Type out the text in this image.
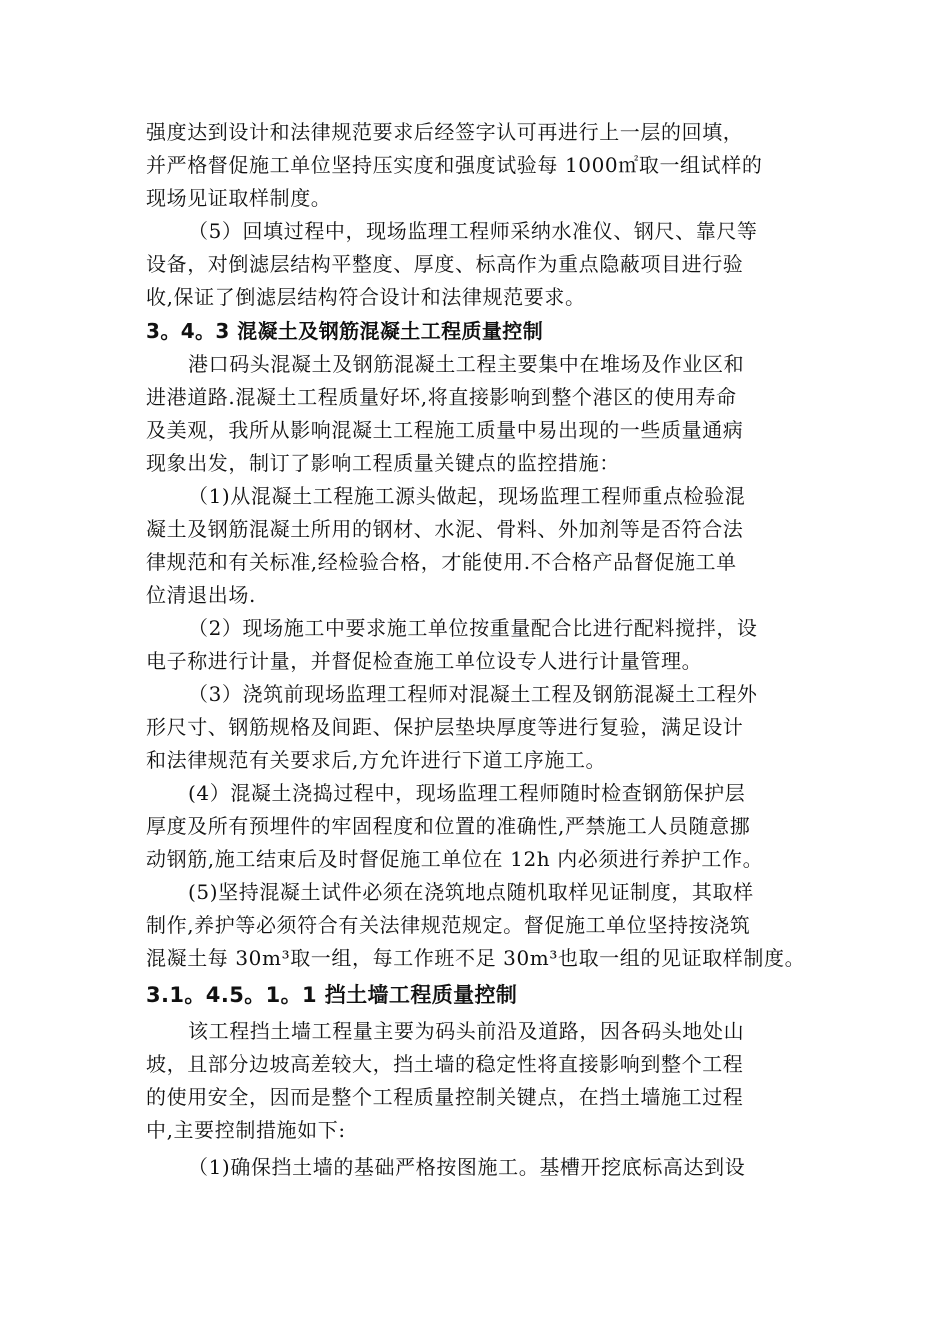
强度达到设计和法律规范要求后经签字认可再进行上一层的回填，
并严格督促施工单位坚持压实度和强度试验每 1000㎡取一组试样的
现场见证取样制度。

（5）回填过程中，现场监理工程师采纳水准仪、钢尺、靠尺等
设备，对倒滤层结构平整度、厚度、标高作为重点隐蔽项目进行验
收,保证了倒滤层结构符合设计和法律规范要求。

3。4。3 混凝土及钢筋混凝土工程质量控制

港口码头混凝土及钢筋混凝土工程主要集中在堆场及作业区和
进港道路.混凝土工程质量好坏,将直接影响到整个港区的使用寿命
及美观，我所从影响混凝土工程施工质量中易出现的一些质量通病
现象出发，制订了影响工程质量关键点的监控措施：

（1)从混凝土工程施工源头做起，现场监理工程师重点检验混
凝土及钢筋混凝土所用的钢材、水泥、骨料、外加剂等是否符合法
律规范和有关标准,经检验合格，才能使用.不合格产品督促施工单
位清退出场.

（2）现场施工中要求施工单位按重量配合比进行配料搅拌，设
电子称进行计量，并督促检查施工单位设专人进行计量管理。

（3）浇筑前现场监理工程师对混凝土工程及钢筋混凝土工程外
形尺寸、钢筋规格及间距、保护层垫块厚度等进行复验，满足设计
和法律规范有关要求后,方允许进行下道工序施工。

(4）混凝土浇捣过程中，现场监理工程师随时检查钢筋保护层
厚度及所有预埋件的牢固程度和位置的准确性,严禁施工人员随意挪
动钢筋,施工结束后及时督促施工单位在 12h 内必须进行养护工作。

(5)坚持混凝土试件必须在浇筑地点随机取样见证制度，其取样
制作,养护等必须符合有关法律规范规定。督促施工单位坚持按浇筑
混凝土每 30m³取一组，每工作班不足 30m³也取一组的见证取样制度。

3.1。4.5。1。1 挡土墙工程质量控制

该工程挡土墙工程量主要为码头前沿及道路，因各码头地处山
坡，且部分边坡高差较大，挡土墙的稳定性将直接影响到整个工程
的使用安全，因而是整个工程质量控制关键点，在挡土墙施工过程
中,主要控制措施如下:

（1)确保挡土墙的基础严格按图施工。基槽开挖底标高达到设
